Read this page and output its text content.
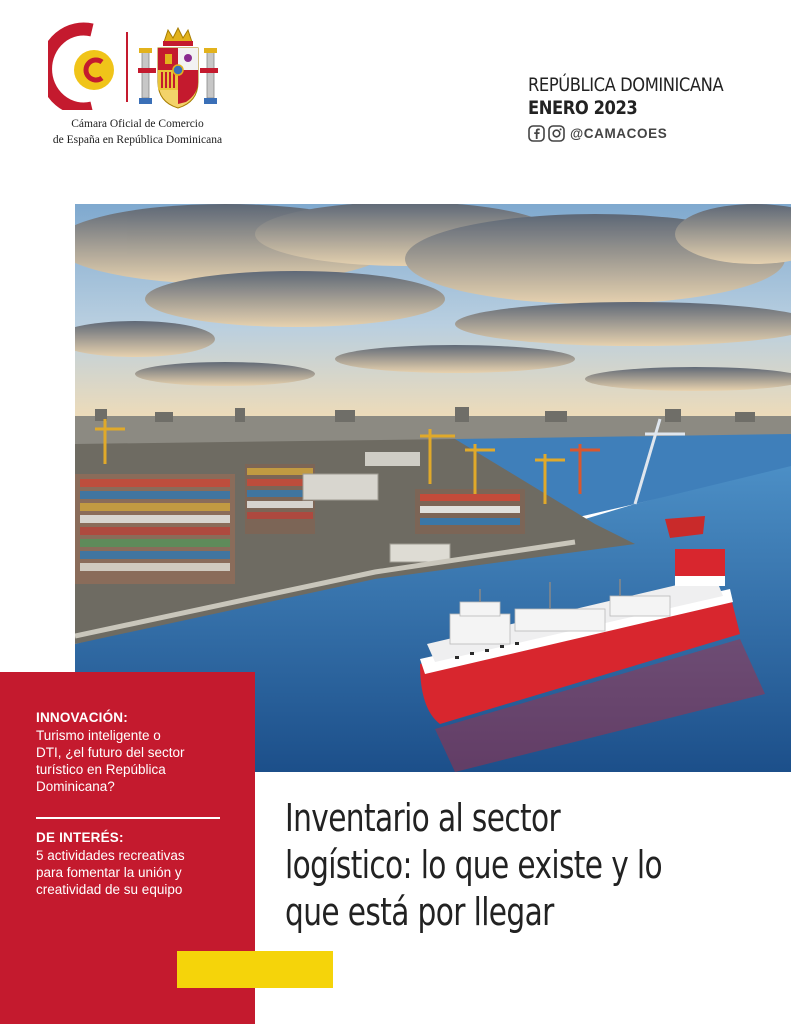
Cámara Oficial de Comercio
de España en República Dominicana
REPÚBLICA DOMINICANA
ENERO 2023
@CAMACOES
INNOVACIÓN:
Turismo inteligente o
DTI, ¿el futuro del sector
turístico en República
Dominicana?
DE INTERÉS:
5 actividades recreativas
para fomentar la unión y
creatividad de su equipo
Inventario al sector
logístico: lo que existe y lo
que está por llegar
